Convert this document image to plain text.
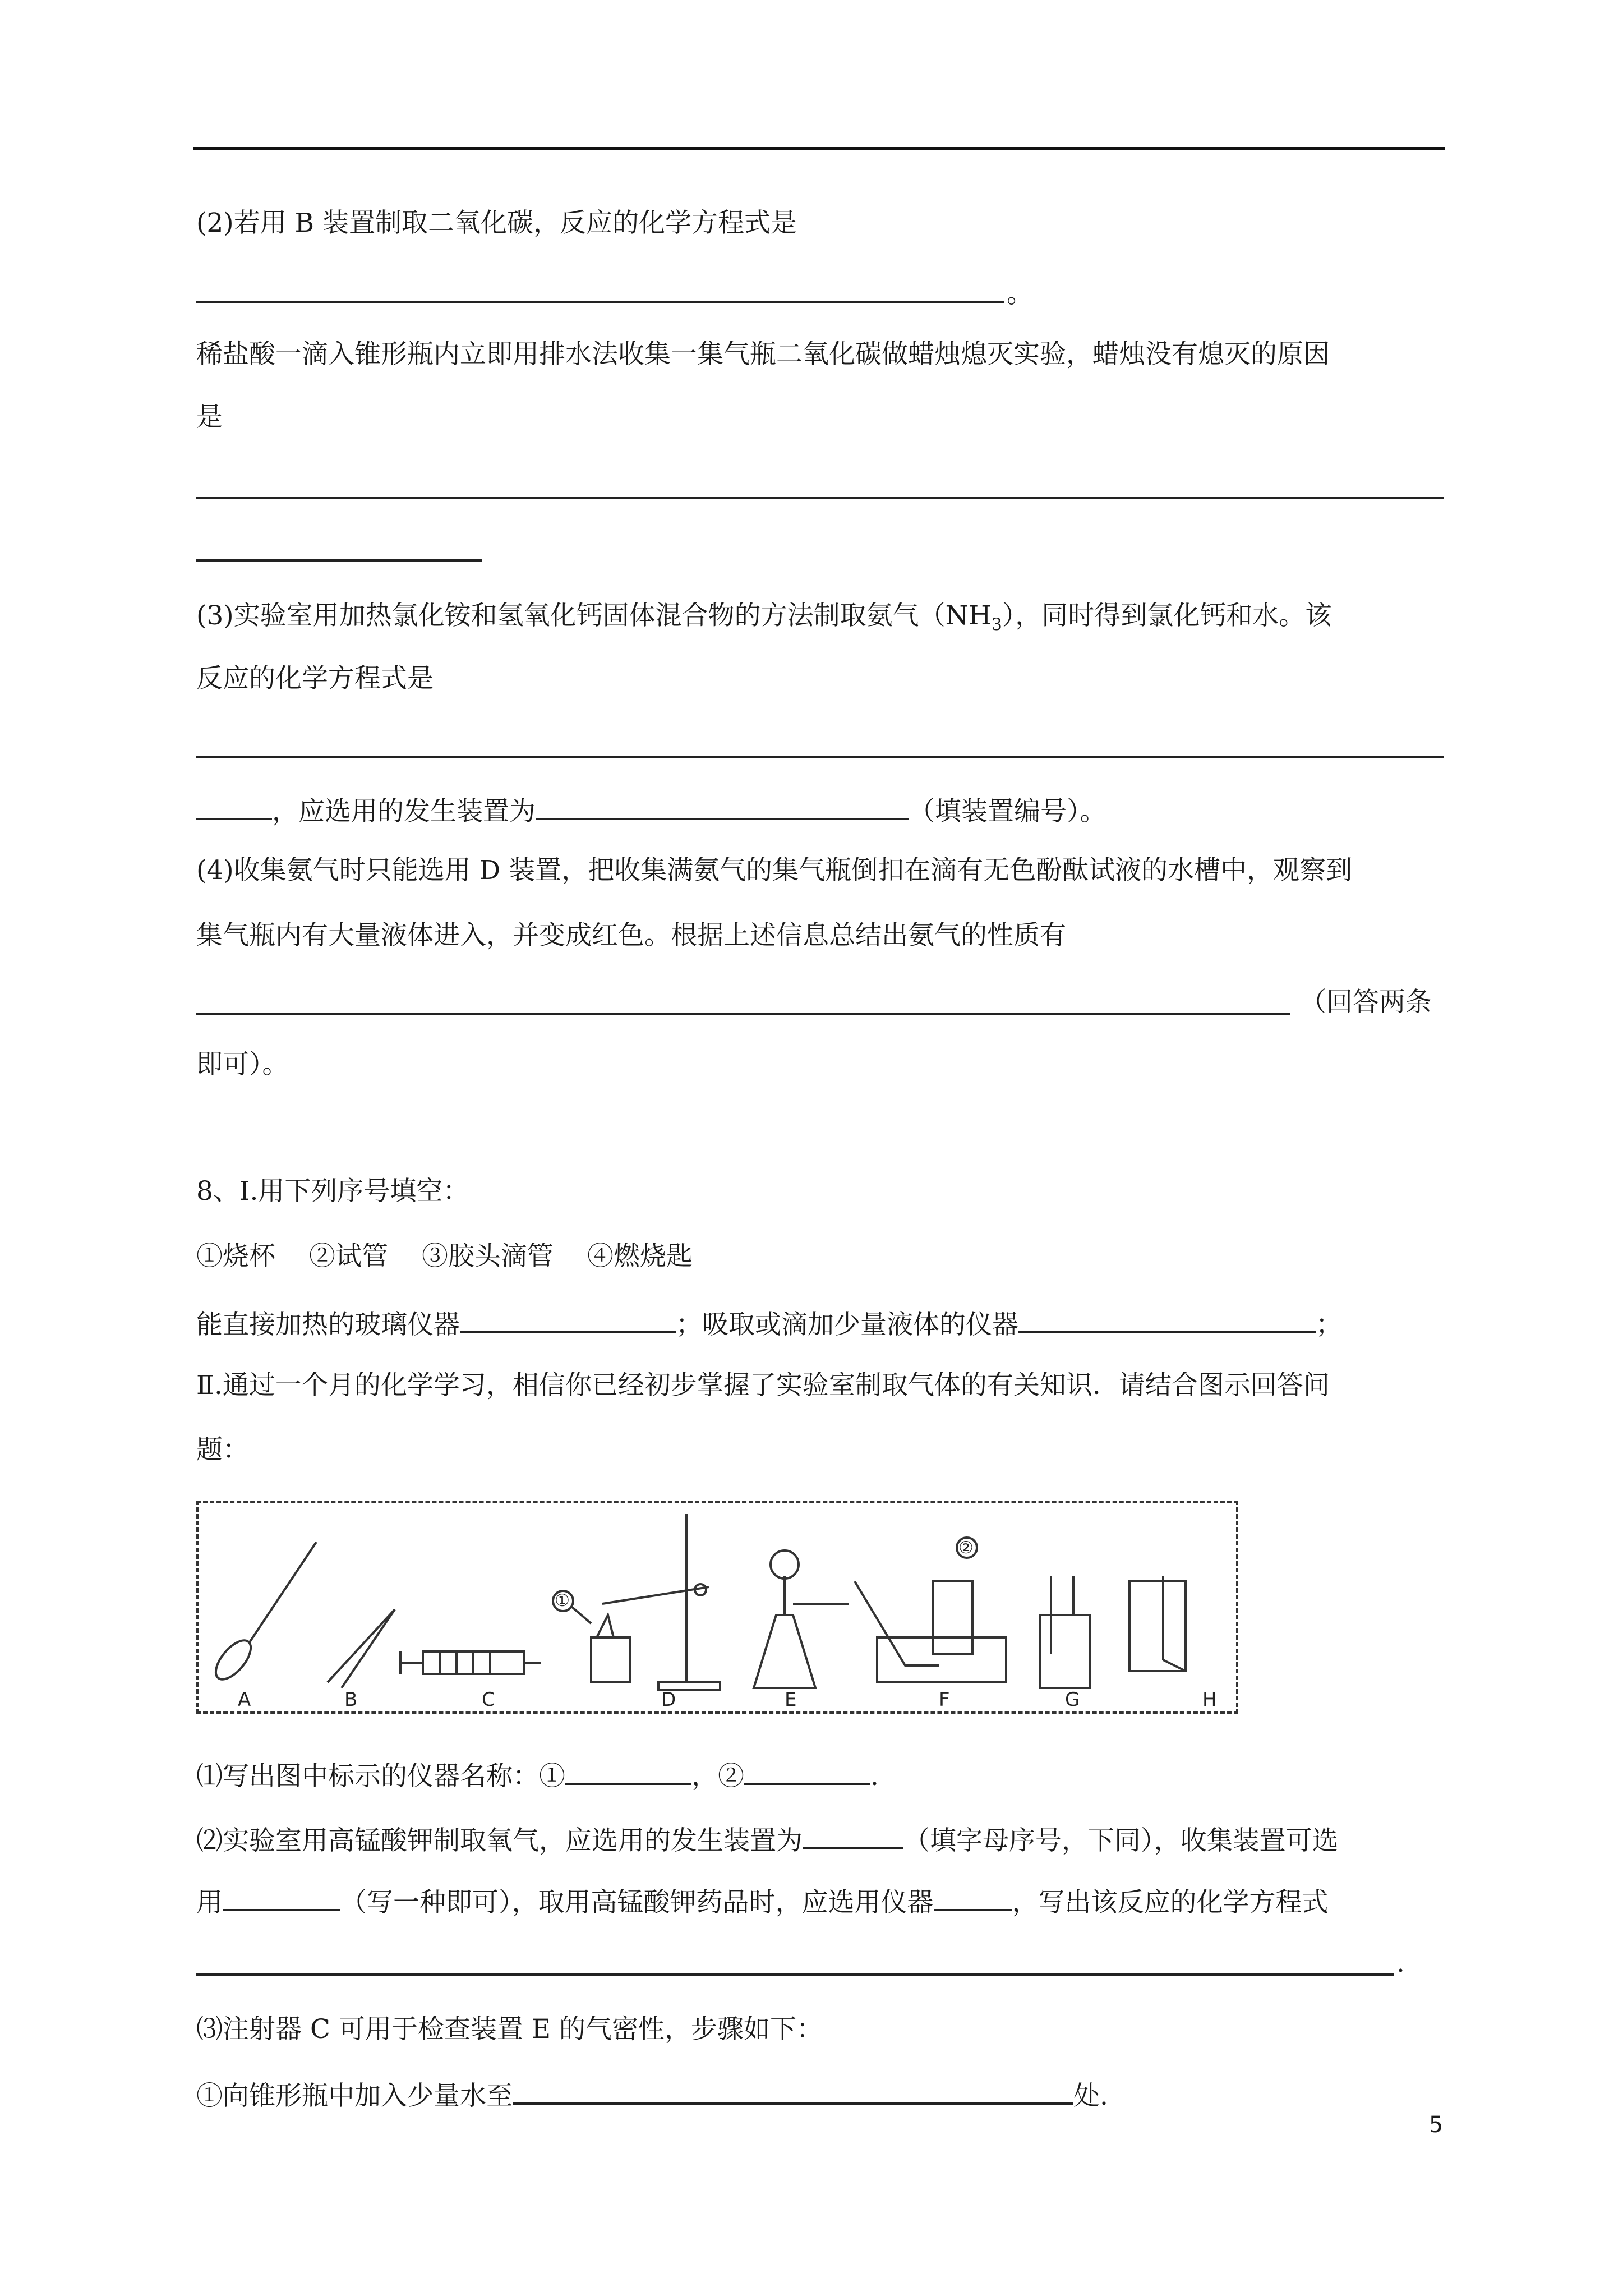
(2)若用 B 装置制取二氧化碳，反应的化学方程式是
。
稀盐酸一滴入锥形瓶内立即用排水法收集一集气瓶二氧化碳做蜡烛熄灭实验，蜡烛没有熄灭的原因
是
(3)实验室用加热氯化铵和氢氧化钙固体混合物的方法制取氨气$(NH_3)$，同时得到氯化钙和水。该
反应的化学方程式是
，应选用的发生装置为	（填装置编号）。
(4)收集氨气时只能选用 D 装置，把收集满氨气的集气瓶倒扣在滴有无色酚酞试液的水槽中，观察到
集气瓶内有大量液体进入，并变成红色。根据上述信息总结出氨气的性质有
（回答两条
即可）。
8、Ⅰ.用下列序号填空：
①烧杯 ②试管 ③胶头滴管 ④燃烧匙
能直接加热的玻璃仪器	；吸取或滴加少量液体的仪器	；
Ⅱ.通过一个月的化学学习，相信你已经初步掌握了实验室制取气体的有关知识．请结合图示回答问
题：
A	B	C	D	E	F	G	H
①
②
⑴写出图中标示的仪器名称：①	，②	.
⑵实验室用高锰酸钾制取氧气，应选用的发生装置为	（填字母序号，下同），收集装置可选
用	（写一种即可），取用高锰酸钾药品时，应选用仪器	，写出该反应的化学方程式
.
⑶注射器 C 可用于检查装置 E 的气密性，步骤如下：
①向锥形瓶中加入少量水至	处.
5
